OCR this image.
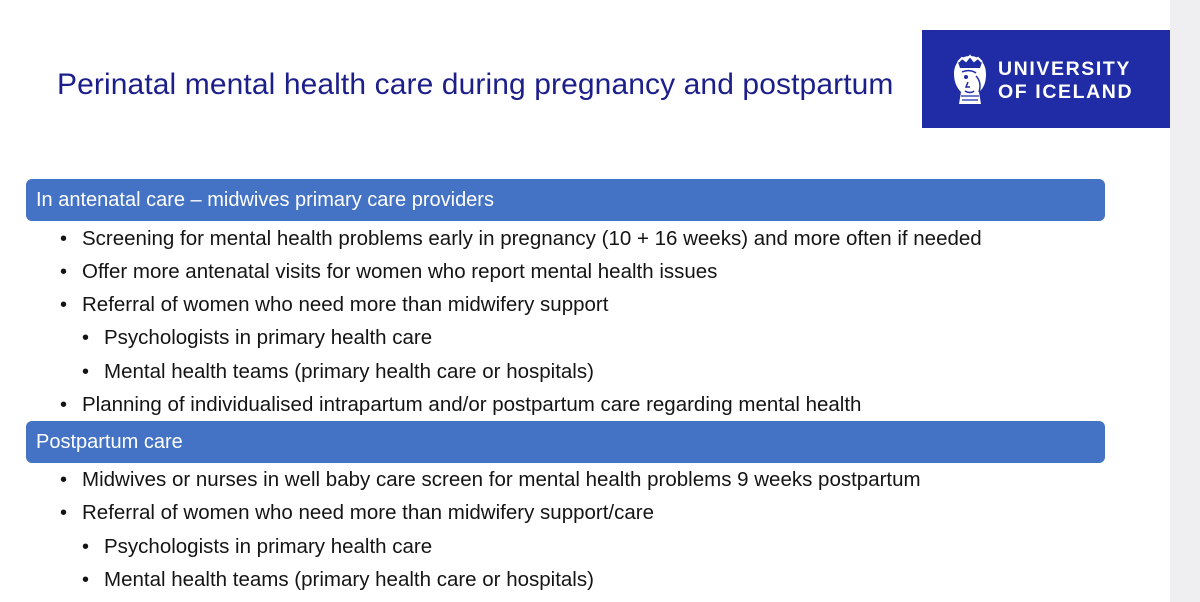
Perinatal mental health care during pregnancy and postpartum	UNIVERSITY
OF ICELAND
In antenatal care – midwives primary care providers
• Screening for mental health problems early in pregnancy (10 + 16 weeks) and more often if needed
• Offer more antenatal visits for women who report mental health issues
• Referral of women who need more than midwifery support
• Psychologists in primary health care
• Mental health teams (primary health care or hospitals)
• Planning of individualised intrapartum and/or postpartum care regarding mental health
Postpartum care
• Midwives or nurses in well baby care screen for mental health problems 9 weeks postpartum
• Referral of women who need more than midwifery support/care
• Psychologists in primary health care
• Mental health teams (primary health care or hospitals)
